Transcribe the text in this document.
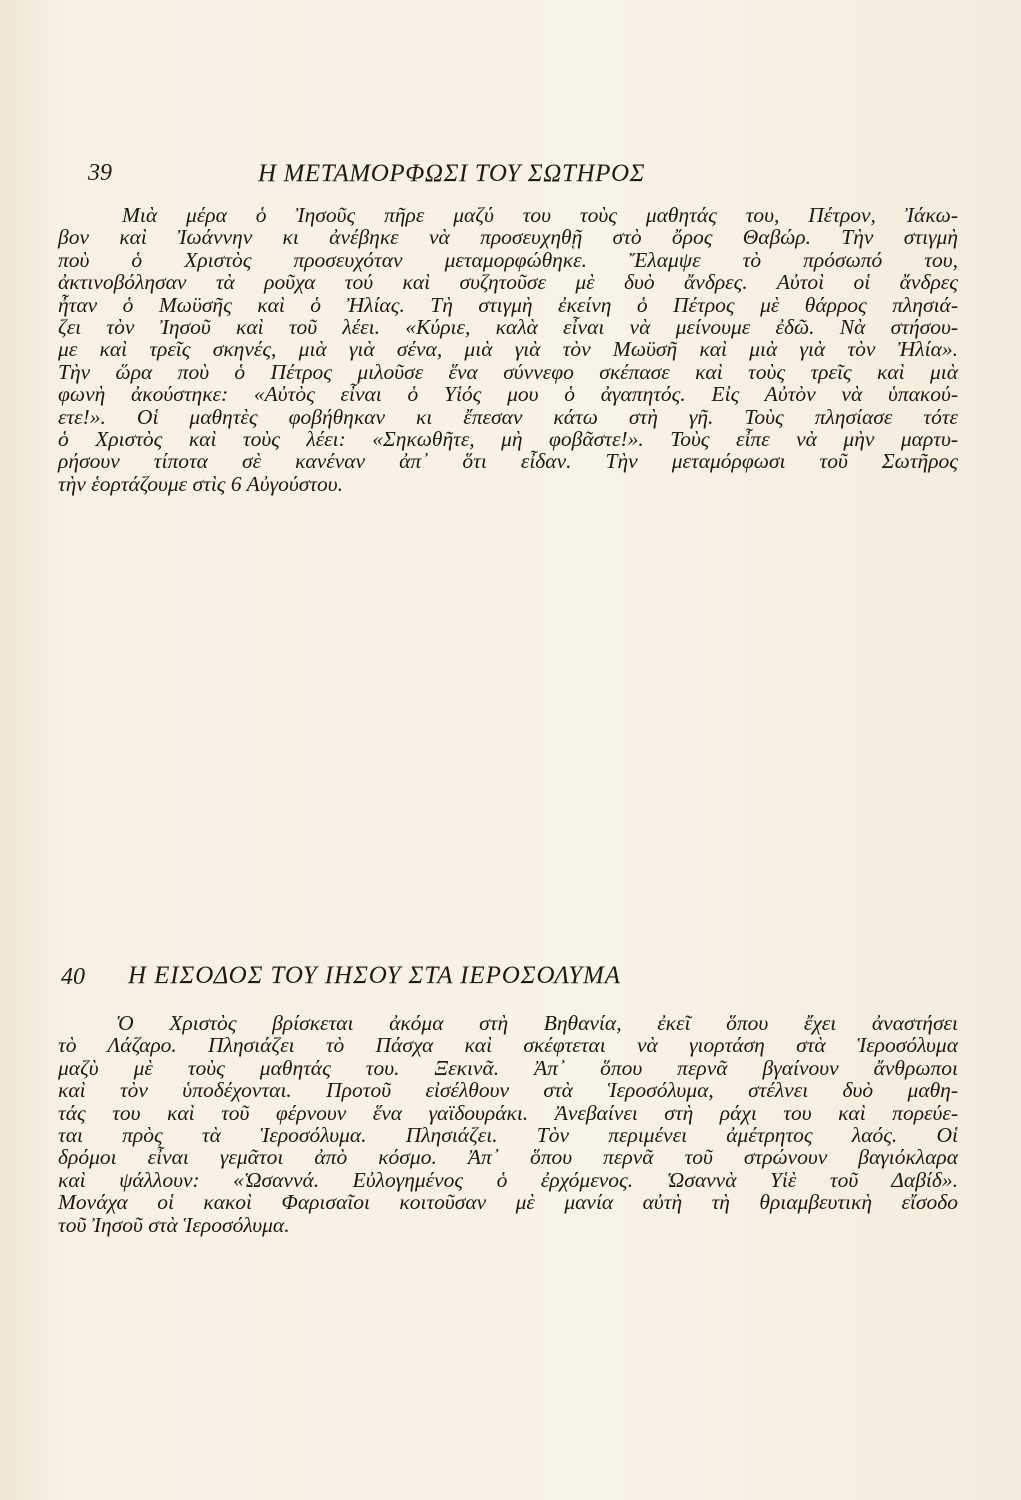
39	Η ΜΕΤΑΜΟΡΦΩΣΙ ΤΟΥ ΣΩΤΗΡΟΣ
Μιὰ μέρα ὁ Ἰησοῦς πῆρε μαζύ του τοὺς μαθητάς του, Πέτρον, Ἰάκω-
βον καὶ Ἰωάννην κι ἀνέβηκε νὰ προσευχηθῇ στὸ ὄρος Θαβώρ. Τὴν στιγμὴ
ποὺ ὁ Χριστὸς προσευχόταν μεταμορφώθηκε. Ἔλαμψε τὸ πρόσωπό του,
ἀκτινοβόλησαν τὰ ροῦχα τού καὶ συζητοῦσε μὲ δυὸ ἄνδρες. Αὐτοὶ οἱ ἄνδρες
ἦταν ὁ Μωϋσῆς καὶ ὁ Ἠλίας. Τὴ στιγμὴ ἐκείνη ὁ Πέτρος μὲ θάρρος πλησιά-
ζει τὸν Ἰησοῦ καὶ τοῦ λέει. «Κύριε, καλὰ εἶναι νὰ μείνουμε ἐδῶ. Νὰ στήσου-
με καὶ τρεῖς σκηνές, μιὰ γιὰ σένα, μιὰ γιὰ τὸν Μωϋσῆ καὶ μιὰ γιὰ τὸν Ἠλία».
Τὴν ὥρα ποὺ ὁ Πέτρος μιλοῦσε ἕνα σύννεφο σκέπασε καὶ τοὺς τρεῖς καὶ μιὰ
φωνὴ ἀκούστηκε: «Αὐτὸς εἶναι ὁ Υἱός μου ὁ ἀγαπητός. Εἰς Αὐτὸν νὰ ὑπακού-
ετε!». Οἱ μαθητὲς φοβήθηκαν κι ἔπεσαν κάτω στὴ γῆ. Τοὺς πλησίασε τότε
ὁ Χριστὸς καὶ τοὺς λέει: «Σηκωθῆτε, μὴ φοβᾶστε!». Τοὺς εἶπε νὰ μὴν μαρτυ-
ρήσουν τίποτα σὲ κανέναν ἀπ᾽ ὅτι εἶδαν. Τὴν μεταμόρφωσι τοῦ Σωτῆρος
τὴν ἑορτάζουμε στὶς 6 Αὐγούστου.
40 Η ΕΙΣΟΔΟΣ ΤΟΥ ΙΗΣΟΥ ΣΤΑ ΙΕΡΟΣΟΛΥΜΑ
Ὁ Χριστὸς βρίσκεται ἀκόμα στὴ Βηθανία, ἐκεῖ ὅπου ἔχει ἀναστήσει
τὸ Λάζαρο. Πλησιάζει τὸ Πάσχα καὶ σκέφτεται νὰ γιορτάση στὰ Ἱεροσόλυμα
μαζὺ μὲ τοὺς μαθητάς του. Ξεκινᾶ. Ἀπ᾽ ὅπου περνᾶ βγαίνουν ἄνθρωποι
καὶ τὸν ὑποδέχονται. Προτοῦ εἰσέλθουν στὰ Ἱεροσόλυμα, στέλνει δυὸ μαθη-
τάς του καὶ τοῦ φέρνουν ἕνα γαϊδουράκι. Ἀνεβαίνει στὴ ράχι του καὶ πορεύε-
ται πρὸς τὰ Ἱεροσόλυμα. Πλησιάζει. Τὸν περιμένει ἀμέτρητος λαός. Οἱ
δρόμοι εἶναι γεμᾶτοι ἀπὸ κόσμο. Ἀπ᾽ ὅπου περνᾶ τοῦ στρώνουν βαγιόκλαρα
καὶ ψάλλουν: «Ὡσαννά. Εὐλογημένος ὁ ἐρχόμενος. Ὡσαννὰ Υἱὲ τοῦ Δαβίδ».
Μονάχα οἱ κακοὶ Φαρισαῖοι κοιτοῦσαν μὲ μανία αὐτὴ τὴ θριαμβευτικὴ εἴσοδο
τοῦ Ἰησοῦ στὰ Ἱεροσόλυμα.
